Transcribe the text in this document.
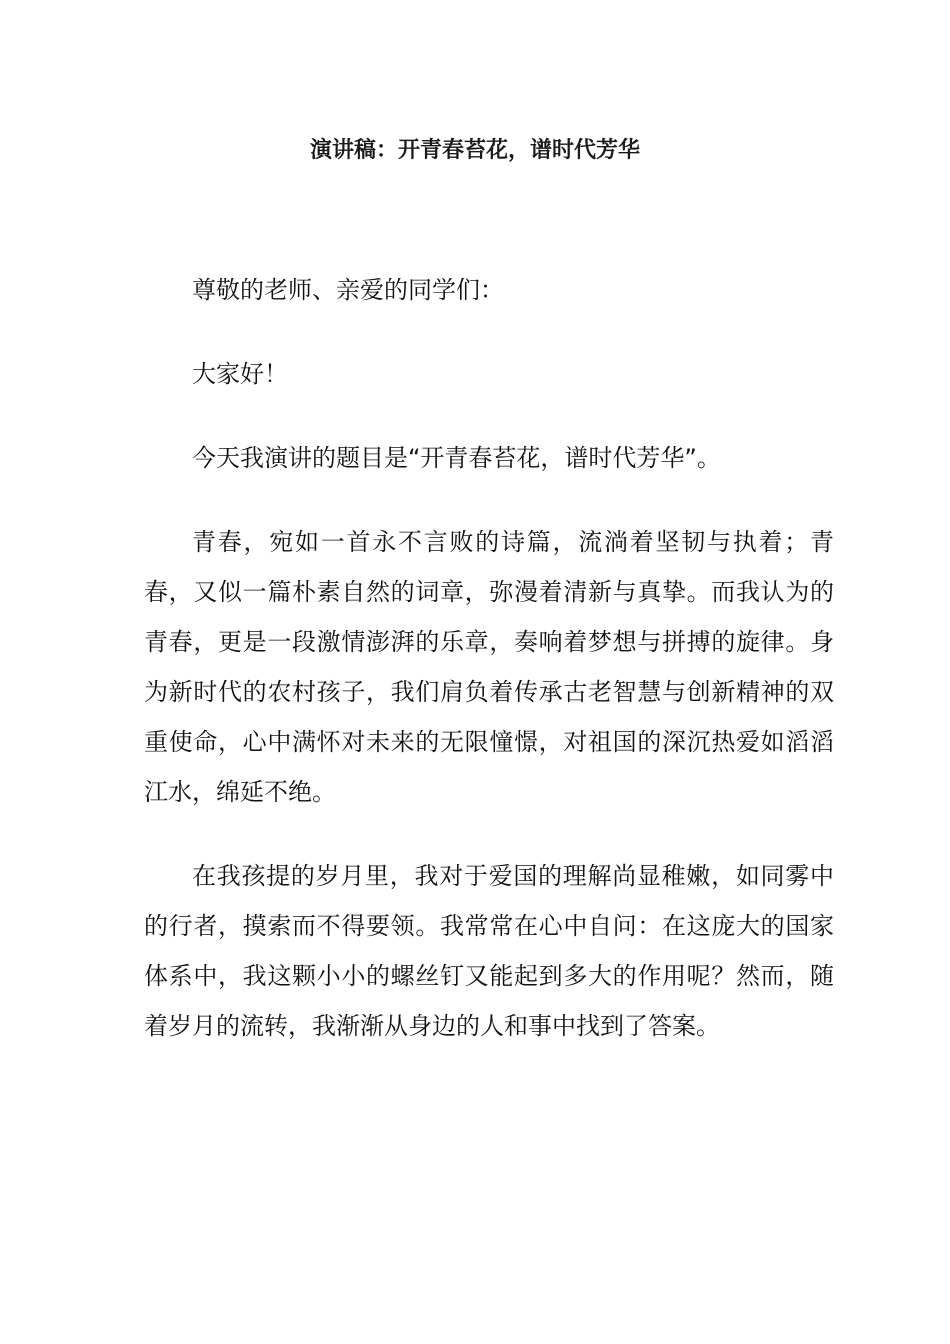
演讲稿：开青春苔花，谱时代芳华

尊敬的老师、亲爱的同学们：

大家好！

今天我演讲的题目是“开青春苔花，谱时代芳华”。

青春，宛如一首永不言败的诗篇，流淌着坚韧与执着；青春，又似一篇朴素自然的词章，弥漫着清新与真挚。而我认为的青春，更是一段激情澎湃的乐章，奏响着梦想与拼搏的旋律。身为新时代的农村孩子，我们肩负着传承古老智慧与创新精神的双重使命，心中满怀对未来的无限憧憬，对祖国的深沉热爱如滔滔江水，绵延不绝。

在我孩提的岁月里，我对于爱国的理解尚显稚嫩，如同雾中的行者，摸索而不得要领。我常常在心中自问：在这庞大的国家体系中，我这颗小小的螺丝钉又能起到多大的作用呢？然而，随着岁月的流转，我渐渐从身边的人和事中找到了答案。
